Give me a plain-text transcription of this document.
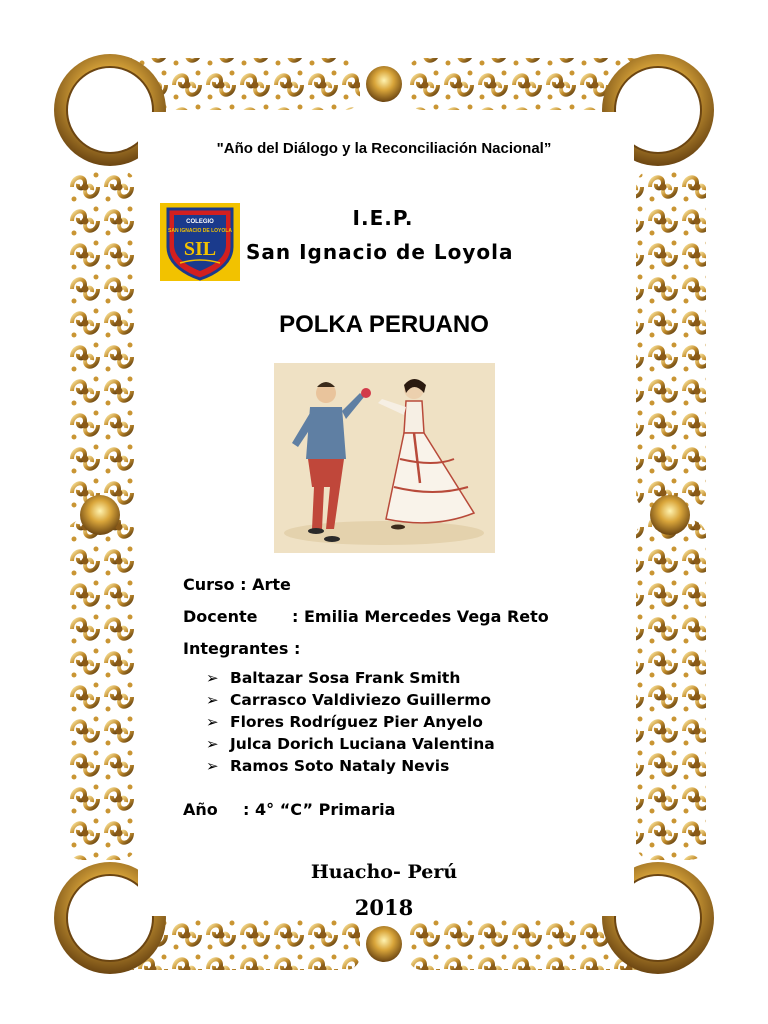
"Año del Diálogo y la Reconciliación Nacional”
COLEGIO
SAN IGNACIO DE LOYOLA
SIL
I.E.P.
San Ignacio de Loyola
POLKA PERUANO
Curso : Arte
Docente : Emilia Mercedes Vega Reto
Integrantes :
➢ Baltazar Sosa Frank Smith
➢ Carrasco Valdiviezo Guillermo
➢ Flores Rodríguez Pier Anyelo
➢ Julca Dorich Luciana Valentina
➢ Ramos Soto Nataly Nevis
Año : 4° “C” Primaria
Huacho- Perú
2018
